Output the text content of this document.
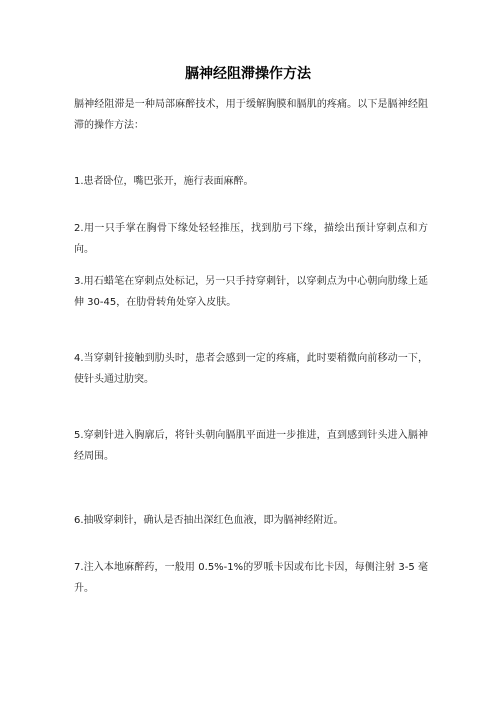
膈神经阻滞操作方法
膈神经阻滞是一种局部麻醉技术，用于缓解胸膜和膈肌的疼痛。以下是膈神经阻滞的操作方法：
1.患者卧位，嘴巴张开，施行表面麻醉。
2.用一只手掌在胸骨下缘处轻轻推压，找到肋弓下缘，描绘出预计穿刺点和方向。
3.用石蜡笔在穿刺点处标记，另一只手持穿刺针，以穿刺点为中心朝向肋缘上延伸 30-45，在肋骨转角处穿入皮肤。
4.当穿刺针接触到肋头时，患者会感到一定的疼痛，此时要稍微向前移动一下，使针头通过肋突。
5.穿刺针进入胸廓后，将针头朝向膈肌平面进一步推进，直到感到针头进入膈神经周围。
6.抽吸穿刺针，确认是否抽出深红色血液，即为膈神经附近。
7.注入本地麻醉药，一般用 0.5%-1%的罗哌卡因或布比卡因，每侧注射 3-5 毫升。
